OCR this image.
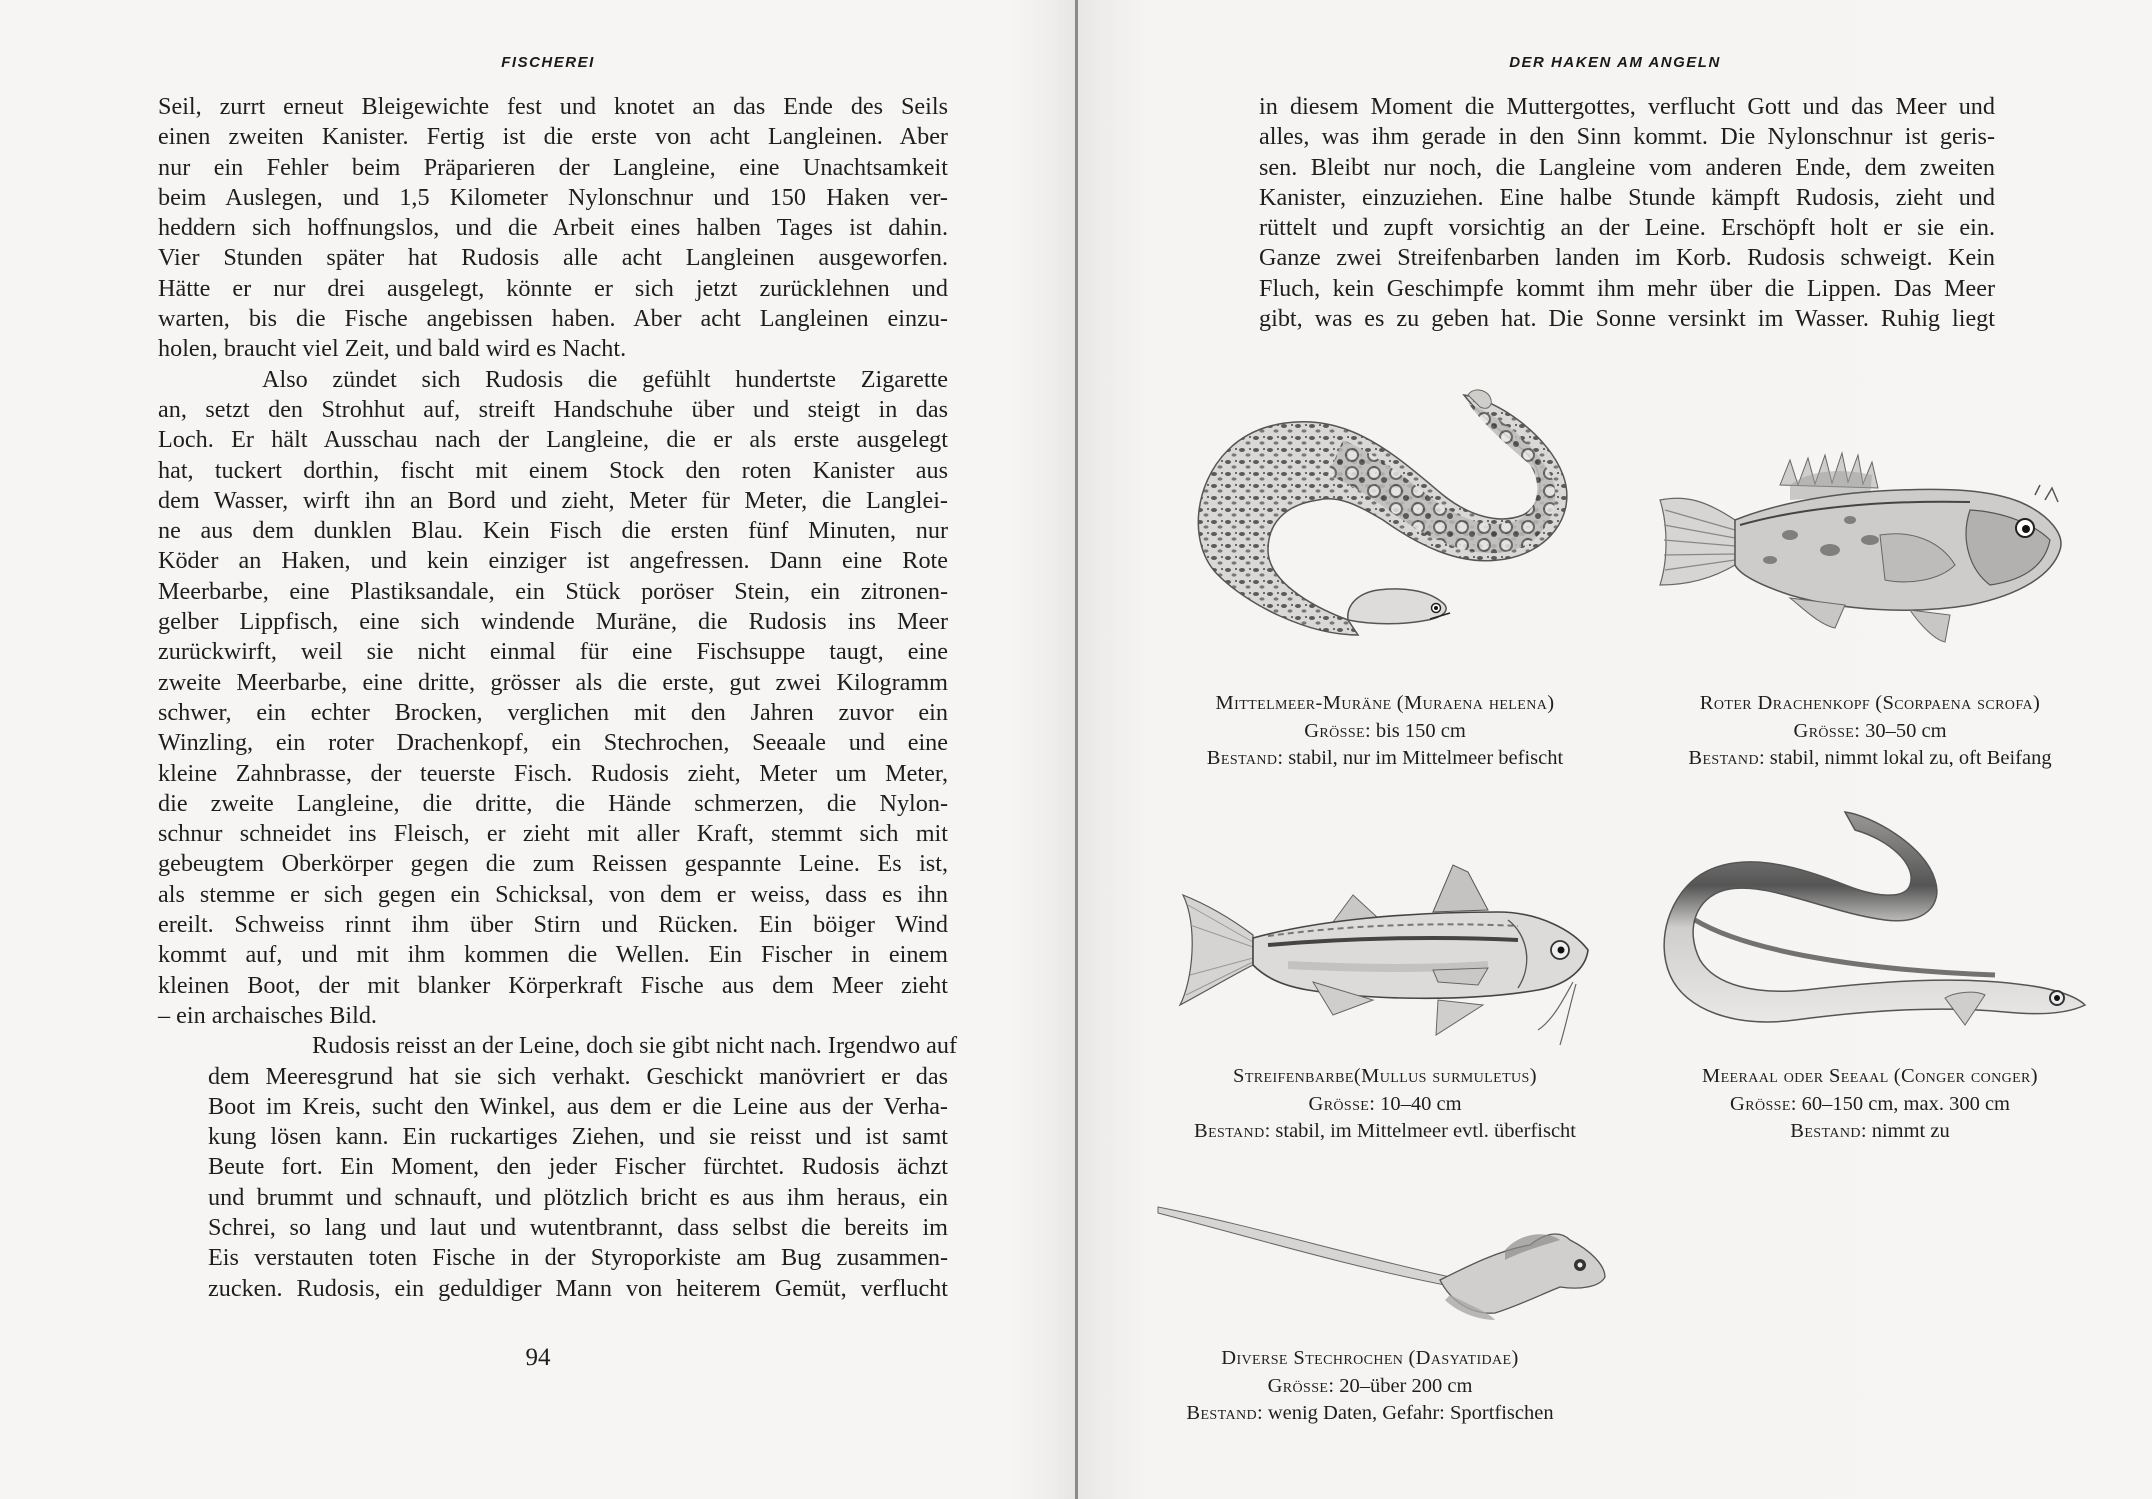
FISCHEREI

Seil, zurrt erneut Bleigewichte fest und knotet an das Ende des Seils
einen zweiten Kanister. Fertig ist die erste von acht Langleinen. Aber
nur ein Fehler beim Präparieren der Langleine, eine Unachtsamkeit
beim Auslegen, und 1,5 Kilometer Nylonschnur und 150 Haken ver-
heddern sich hoffnungslos, und die Arbeit eines halben Tages ist dahin.
Vier Stunden später hat Rudosis alle acht Langleinen ausgeworfen.
Hätte er nur drei ausgelegt, könnte er sich jetzt zurücklehnen und
warten, bis die Fische angebissen haben. Aber acht Langleinen einzu-
holen, braucht viel Zeit, und bald wird es Nacht.

Also zündet sich Rudosis die gefühlt hundertste Zigarette
an, setzt den Strohhut auf, streift Handschuhe über und steigt in das
Loch. Er hält Ausschau nach der Langleine, die er als erste ausgelegt
hat, tuckert dorthin, fischt mit einem Stock den roten Kanister aus
dem Wasser, wirft ihn an Bord und zieht, Meter für Meter, die Langlei-
ne aus dem dunklen Blau. Kein Fisch die ersten fünf Minuten, nur
Köder an Haken, und kein einziger ist angefressen. Dann eine Rote
Meerbarbe, eine Plastiksandale, ein Stück poröser Stein, ein zitronen-
gelber Lippfisch, eine sich windende Muräne, die Rudosis ins Meer
zurückwirft, weil sie nicht einmal für eine Fischsuppe taugt, eine
zweite Meerbarbe, eine dritte, grösser als die erste, gut zwei Kilogramm
schwer, ein echter Brocken, verglichen mit den Jahren zuvor ein
Winzling, ein roter Drachenkopf, ein Stechrochen, Seeaale und eine
kleine Zahnbrasse, der teuerste Fisch. Rudosis zieht, Meter um Meter,
die zweite Langleine, die dritte, die Hände schmerzen, die Nylon-
schnur schneidet ins Fleisch, er zieht mit aller Kraft, stemmt sich mit
gebeugtem Oberkörper gegen die zum Reissen gespannte Leine. Es ist,
als stemme er sich gegen ein Schicksal, von dem er weiss, dass es ihn
ereilt. Schweiss rinnt ihm über Stirn und Rücken. Ein böiger Wind
kommt auf, und mit ihm kommen die Wellen. Ein Fischer in einem
kleinen Boot, der mit blanker Körperkraft Fische aus dem Meer zieht
– ein archaisches Bild.

Rudosis reisst an der Leine, doch sie gibt nicht nach. Irgendwo auf
dem Meeresgrund hat sie sich verhakt. Geschickt manövriert er das
Boot im Kreis, sucht den Winkel, aus dem er die Leine aus der Verha-
kung lösen kann. Ein ruckartiges Ziehen, und sie reisst und ist samt
Beute fort. Ein Moment, den jeder Fischer fürchtet. Rudosis ächzt
und brummt und schnauft, und plötzlich bricht es aus ihm heraus, ein
Schrei, so lang und laut und wutentbrannt, dass selbst die bereits im
Eis verstauten toten Fische in der Styroporkiste am Bug zusammen-
zucken. Rudosis, ein geduldiger Mann von heiterem Gemüt, verflucht

94
DER HAKEN AM ANGELN

in diesem Moment die Muttergottes, verflucht Gott und das Meer und
alles, was ihm gerade in den Sinn kommt. Die Nylonschnur ist geris-
sen. Bleibt nur noch, die Langleine vom anderen Ende, dem zweiten
Kanister, einzuziehen. Eine halbe Stunde kämpft Rudosis, zieht und
rüttelt und zupft vorsichtig an der Leine. Erschöpft holt er sie ein.
Ganze zwei Streifenbarben landen im Korb. Rudosis schweigt. Kein
Fluch, kein Geschimpfe kommt ihm mehr über die Lippen. Das Meer
gibt, was es zu geben hat. Die Sonne versinkt im Wasser. Ruhig liegt

Mittelmeer-Muräne (Muraena helena)
Grösse: bis 150 cm
Bestand: stabil, nur im Mittelmeer befischt
Roter Drachenkopf (Scorpaena scrofa)
Grösse: 30–50 cm
Bestand: stabil, nimmt lokal zu, oft Beifang
Streifenbarbe(Mullus surmuletus)
Grösse: 10–40 cm
Bestand: stabil, im Mittelmeer evtl. überfischt
Meeraal oder Seeaal (Conger conger)
Grösse: 60–150 cm, max. 300 cm
Bestand: nimmt zu
Diverse Stechrochen (Dasyatidae)
Grösse: 20–über 200 cm
Bestand: wenig Daten, Gefahr: Sportfischen
